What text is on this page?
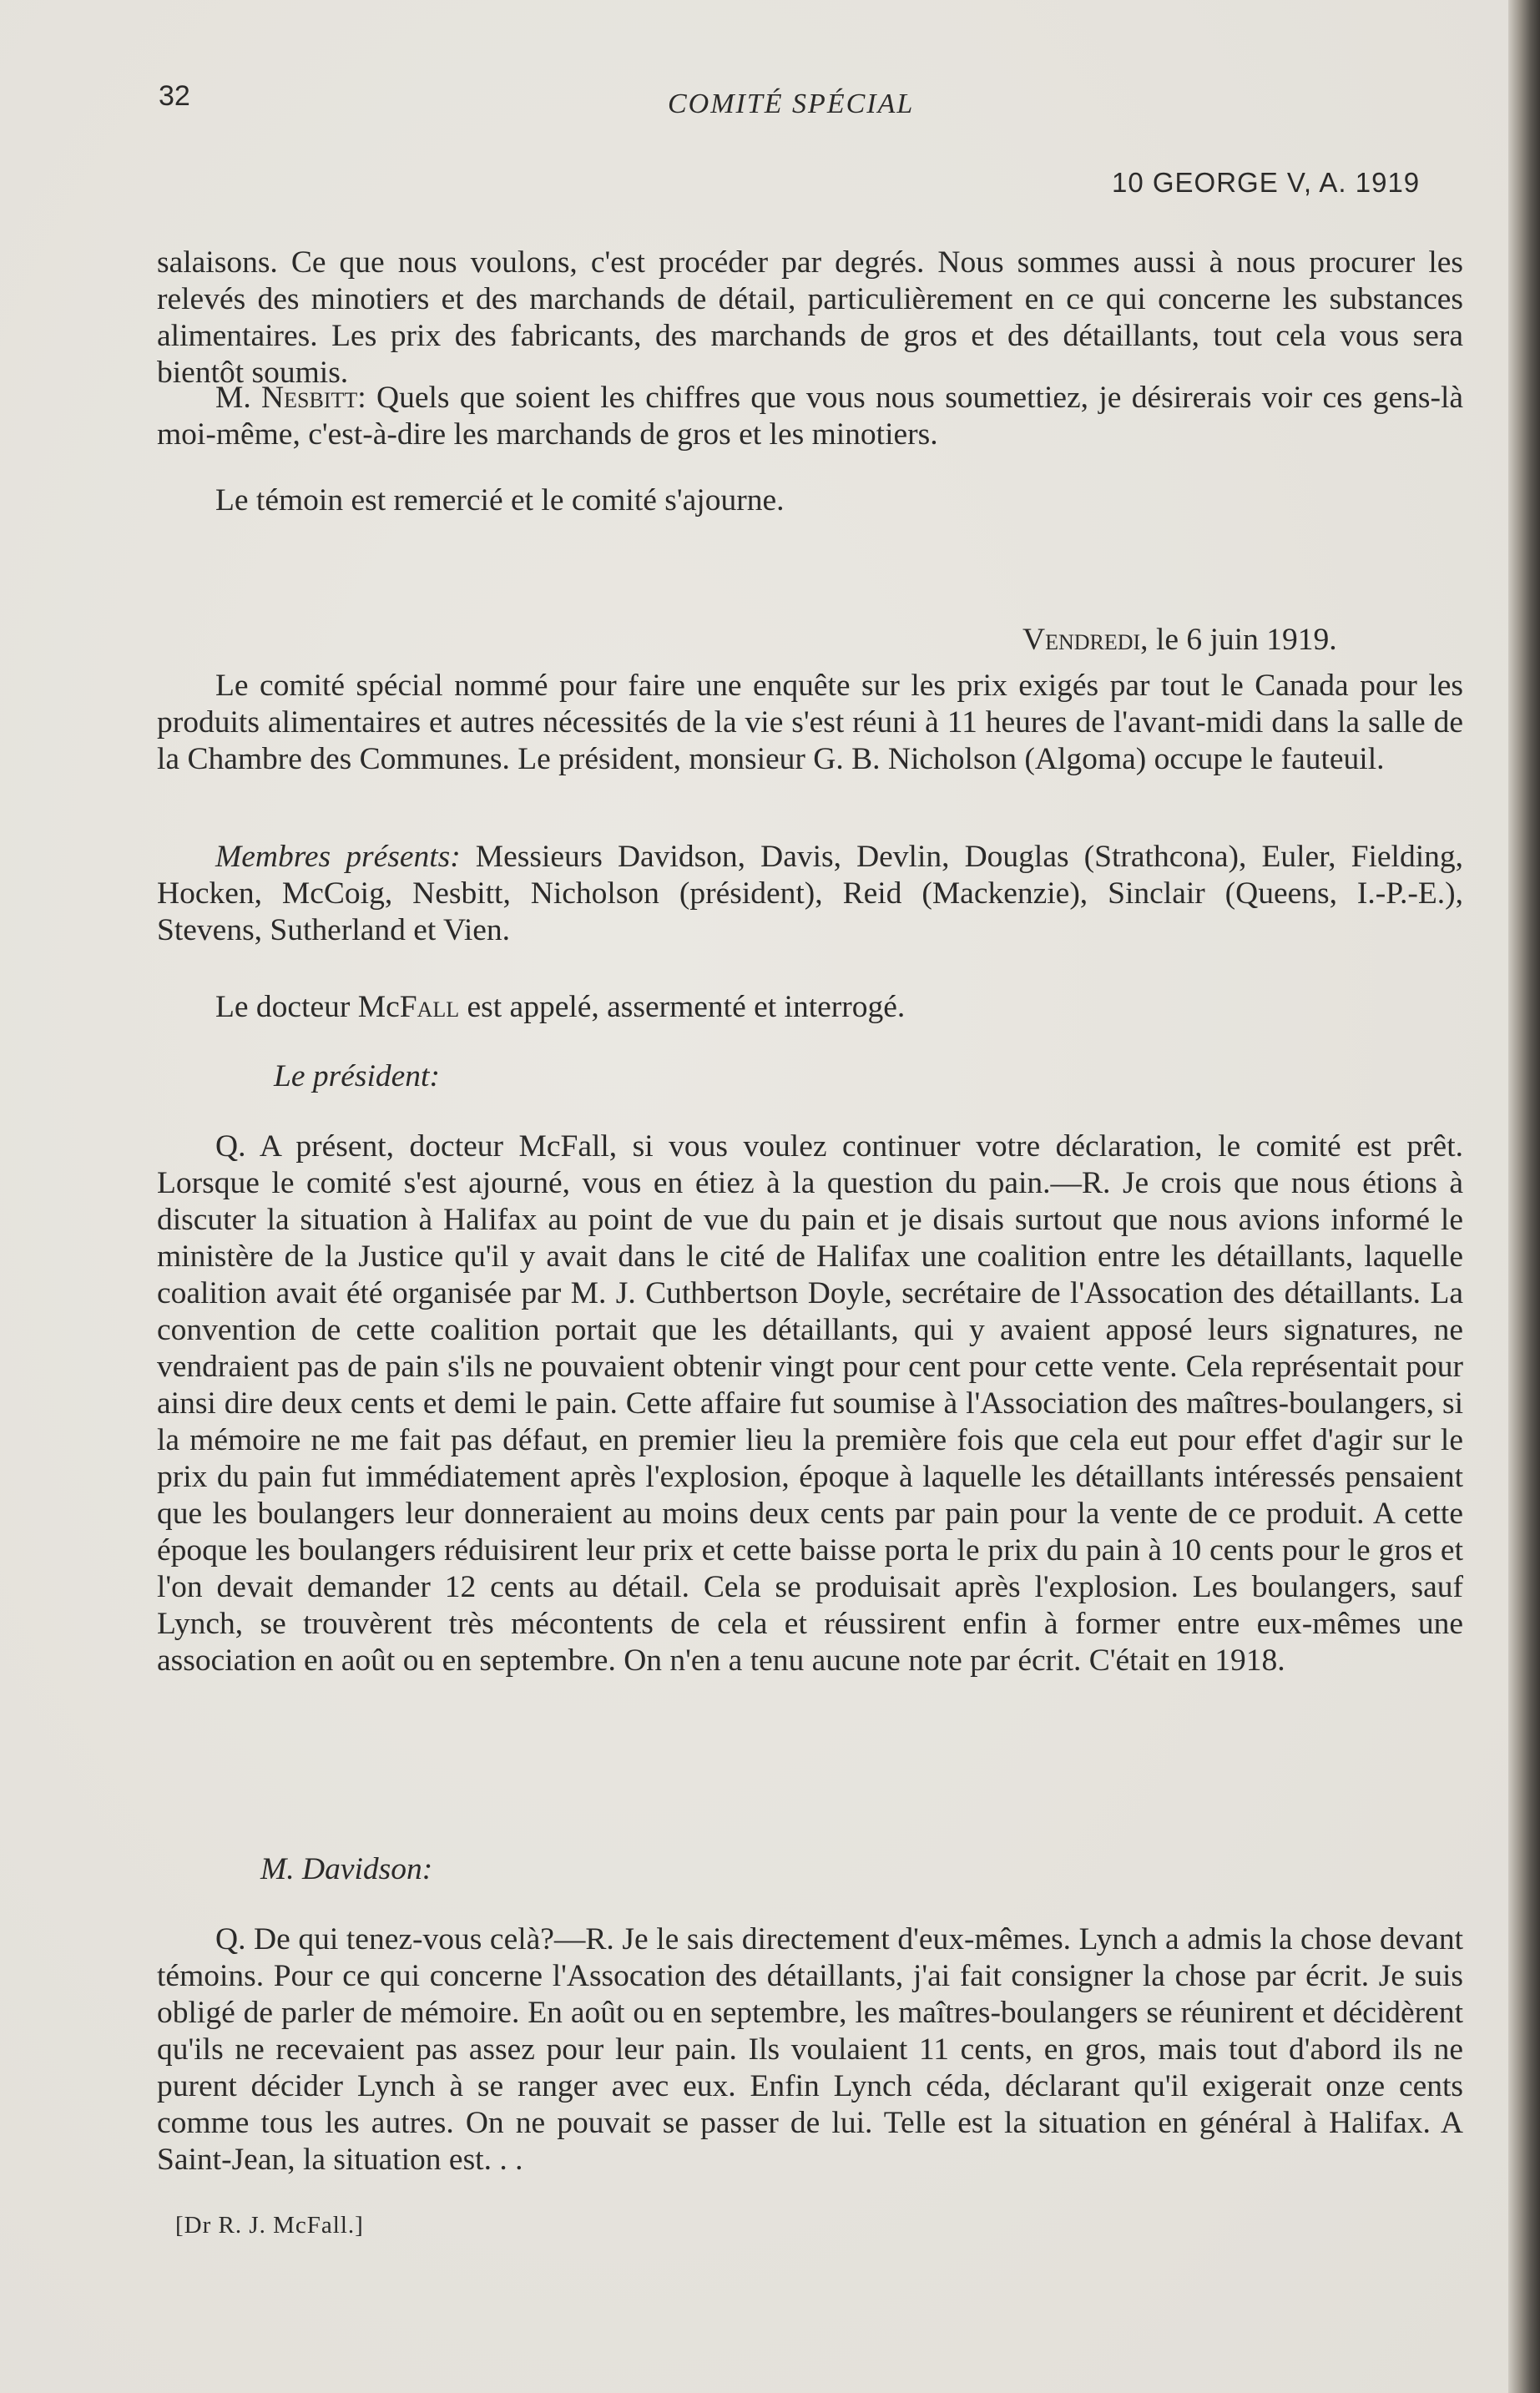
32	COMITÉ SPÉCIAL
10 GEORGE V, A. 1919

salaisons. Ce que nous voulons, c'est procéder par degrés. Nous sommes aussi à nous procurer les relevés des minotiers et des marchands de détail, particulièrement en ce qui concerne les substances alimentaires. Les prix des fabricants, des marchands de gros et des détaillants, tout cela vous sera bientôt soumis.

M. Nesbitt: Quels que soient les chiffres que vous nous soumettiez, je désirerais voir ces gens-là moi-même, c'est-à-dire les marchands de gros et les minotiers.
Le témoin est remercié et le comité s'ajourne.
Vendredi, le 6 juin 1919.
Le comité spécial nommé pour faire une enquête sur les prix exigés par tout le Canada pour les produits alimentaires et autres nécessités de la vie s'est réuni à 11 heures de l'avant-midi dans la salle de la Chambre des Communes. Le président, monsieur G. B. Nicholson (Algoma) occupe le fauteuil.
Membres présents: Messieurs Davidson, Davis, Devlin, Douglas (Strathcona), Euler, Fielding, Hocken, McCoig, Nesbitt, Nicholson (président), Reid (Mackenzie), Sinclair (Queens, I.-P.-E.), Stevens, Sutherland et Vien.
Le docteur McFall est appelé, assermenté et interrogé.
Le président:
Q. A présent, docteur McFall, si vous voulez continuer votre déclaration, le comité est prêt. Lorsque le comité s'est ajourné, vous en étiez à la question du pain.—R. Je crois que nous étions à discuter la situation à Halifax au point de vue du pain et je disais surtout que nous avions informé le ministère de la Justice qu'il y avait dans le cité de Halifax une coalition entre les détaillants, laquelle coalition avait été organisée par M. J. Cuthbertson Doyle, secrétaire de l'Assocation des détaillants. La convention de cette coalition portait que les détaillants, qui y avaient apposé leurs signatures, ne vendraient pas de pain s'ils ne pouvaient obtenir vingt pour cent pour cette vente. Cela représentait pour ainsi dire deux cents et demi le pain. Cette affaire fut soumise à l'Association des maîtres-boulangers, si la mémoire ne me fait pas défaut, en premier lieu la première fois que cela eut pour effet d'agir sur le prix du pain fut immédiatement après l'explosion, époque à laquelle les détaillants intéressés pensaient que les boulangers leur donneraient au moins deux cents par pain pour la vente de ce produit. A cette époque les boulangers réduisirent leur prix et cette baisse porta le prix du pain à 10 cents pour le gros et l'on devait demander 12 cents au détail. Cela se produisait après l'explosion. Les boulangers, sauf Lynch, se trouvèrent très mécontents de cela et réussirent enfin à former entre eux-mêmes une association en août ou en septembre. On n'en a tenu aucune note par écrit. C'était en 1918.
M. Davidson:
Q. De qui tenez-vous celà?—R. Je le sais directement d'eux-mêmes. Lynch a admis la chose devant témoins. Pour ce qui concerne l'Assocation des détaillants, j'ai fait consigner la chose par écrit. Je suis obligé de parler de mémoire. En août ou en septembre, les maîtres-boulangers se réunirent et décidèrent qu'ils ne recevaient pas assez pour leur pain. Ils voulaient 11 cents, en gros, mais tout d'abord ils ne purent décider Lynch à se ranger avec eux. Enfin Lynch céda, déclarant qu'il exigerait onze cents comme tous les autres. On ne pouvait se passer de lui. Telle est la situation en général à Halifax. A Saint-Jean, la situation est. . .
[Dr R. J. McFall.]
